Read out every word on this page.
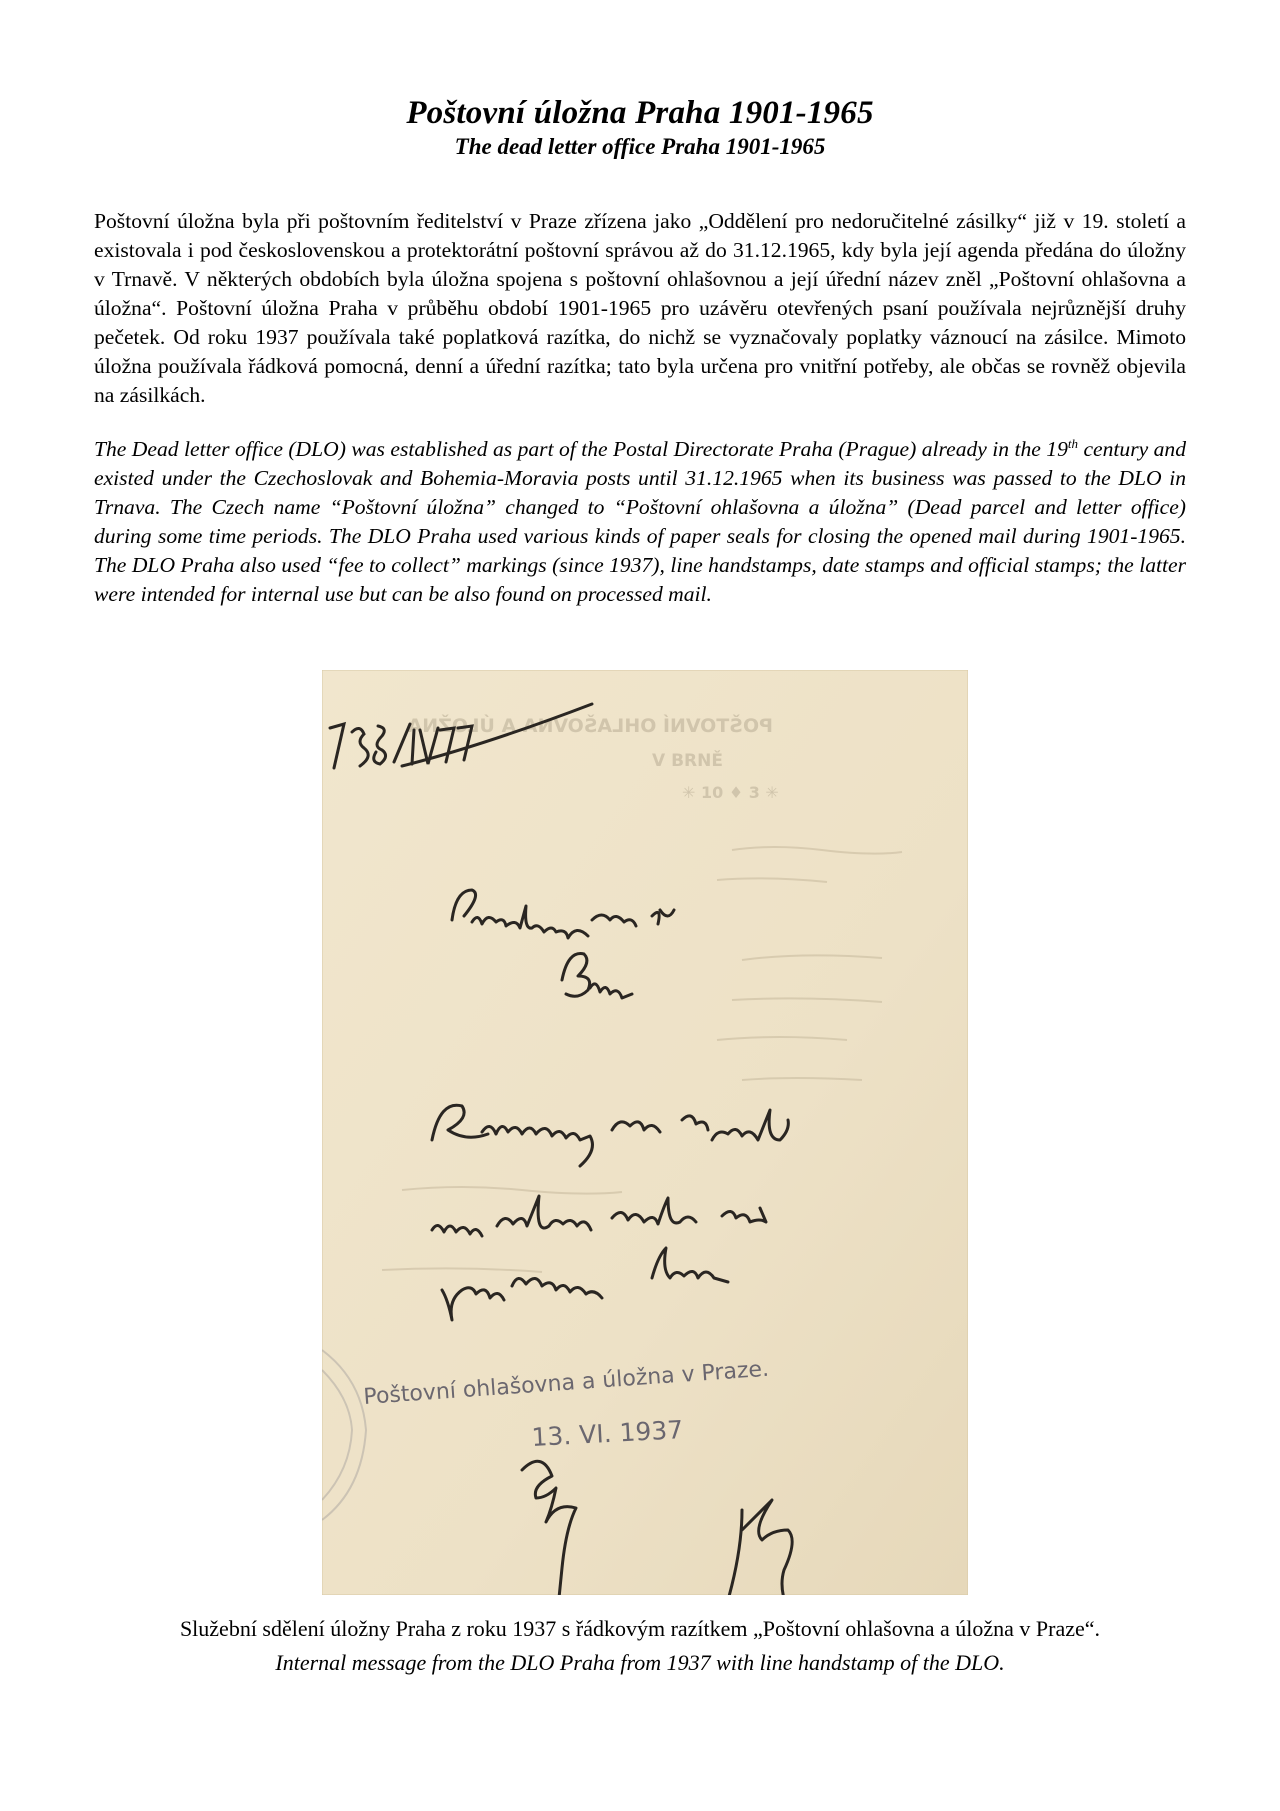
Poštovní úložna Praha 1901-1965
The dead letter office Praha 1901-1965

Poštovní úložna byla při poštovním ředitelství v Praze zřízena jako „Oddělení pro nedoručitelné zásilky“ již v 19. století a existovala i pod československou a protektorátní poštovní správou až do 31.12.1965, kdy byla její agenda předána do úložny v Trnavě. V některých obdobích byla úložna spojena s poštovní ohlašovnou a její úřední název zněl „Poštovní ohlašovna a úložna“. Poštovní úložna Praha v průběhu období 1901-1965 pro uzávěru otevřených psaní používala nejrůznější druhy pečetek. Od roku 1937 používala také poplatková razítka, do nichž se vyznačovaly poplatky váznoucí na zásilce. Mimoto úložna používala řádková pomocná, denní a úřední razítka; tato byla určena pro vnitřní potřeby, ale občas se rovněž objevila na zásilkách.

The Dead letter office (DLO) was established as part of the Postal Directorate Praha (Prague) already in the 19th century and existed under the Czechoslovak and Bohemia-Moravia posts until 31.12.1965 when its business was passed to the DLO in Trnava. The Czech name “Poštovní úložna” changed to “Poštovní ohlašovna a úložna” (Dead parcel and letter office) during some time periods. The DLO Praha used various kinds of paper seals for closing the opened mail during 1901-1965. The DLO Praha also used “fee to collect” markings (since 1937), line handstamps, date stamps and official stamps; the latter were intended for internal use but can be also found on processed mail.

POŠTOVNÍ OHLAŠOVNA A ÚLOŽNA
V BRNĚ
✳ 10 ♦ 3 ✳
Poštovní ohlašovna a úložna v Praze.
13. VI. 1937
Služební sdělení úložny Praha z roku 1937 s řádkovým razítkem „Poštovní ohlašovna a úložna v Praze“.
Internal message from the DLO Praha from 1937 with line handstamp of the DLO.
